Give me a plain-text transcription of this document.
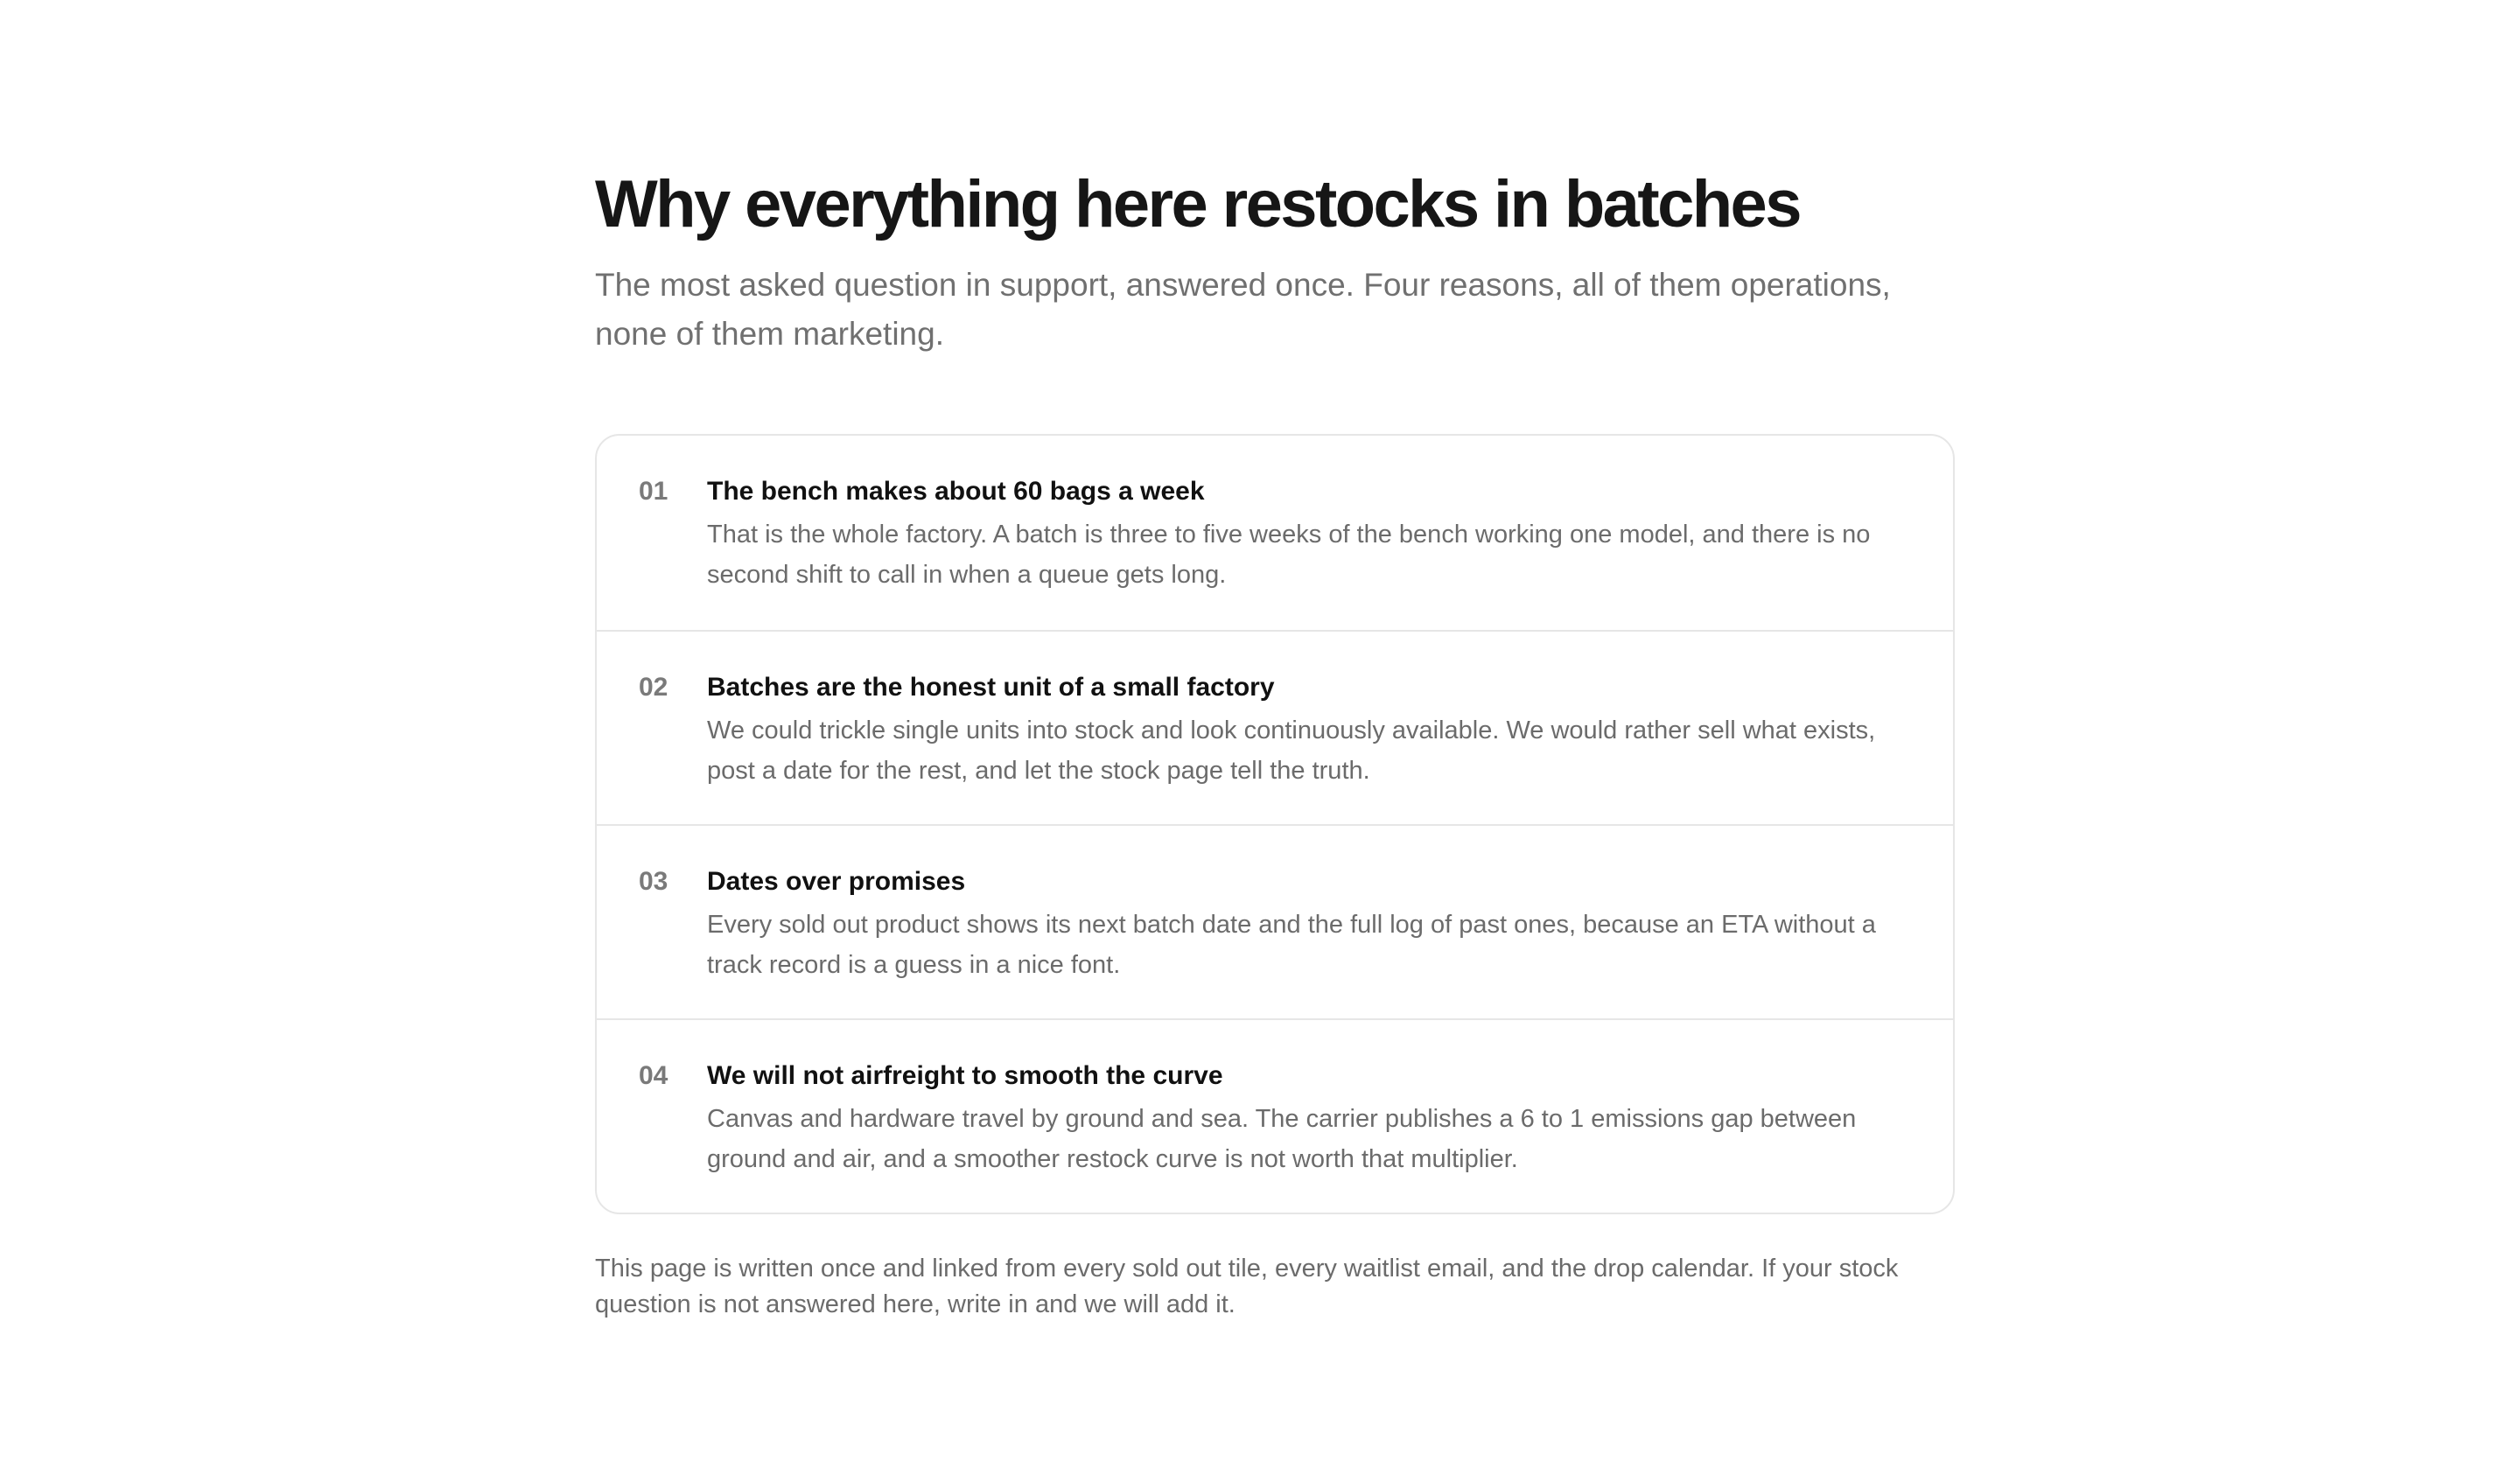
Why everything here restocks in batches

The most asked question in support, answered once. Four reasons, all of them operations, none of them marketing.

01 The bench makes about 60 bags a week
That is the whole factory. A batch is three to five weeks of the bench working one model, and there is no second shift to call in when a queue gets long.
02 Batches are the honest unit of a small factory
We could trickle single units into stock and look continuously available. We would rather sell what exists, post a date for the rest, and let the stock page tell the truth.
03 Dates over promises
Every sold out product shows its next batch date and the full log of past ones, because an ETA without a track record is a guess in a nice font.
04 We will not airfreight to smooth the curve
Canvas and hardware travel by ground and sea. The carrier publishes a 6 to 1 emissions gap between ground and air, and a smoother restock curve is not worth that multiplier.

This page is written once and linked from every sold out tile, every waitlist email, and the drop calendar. If your stock question is not answered here, write in and we will add it.
